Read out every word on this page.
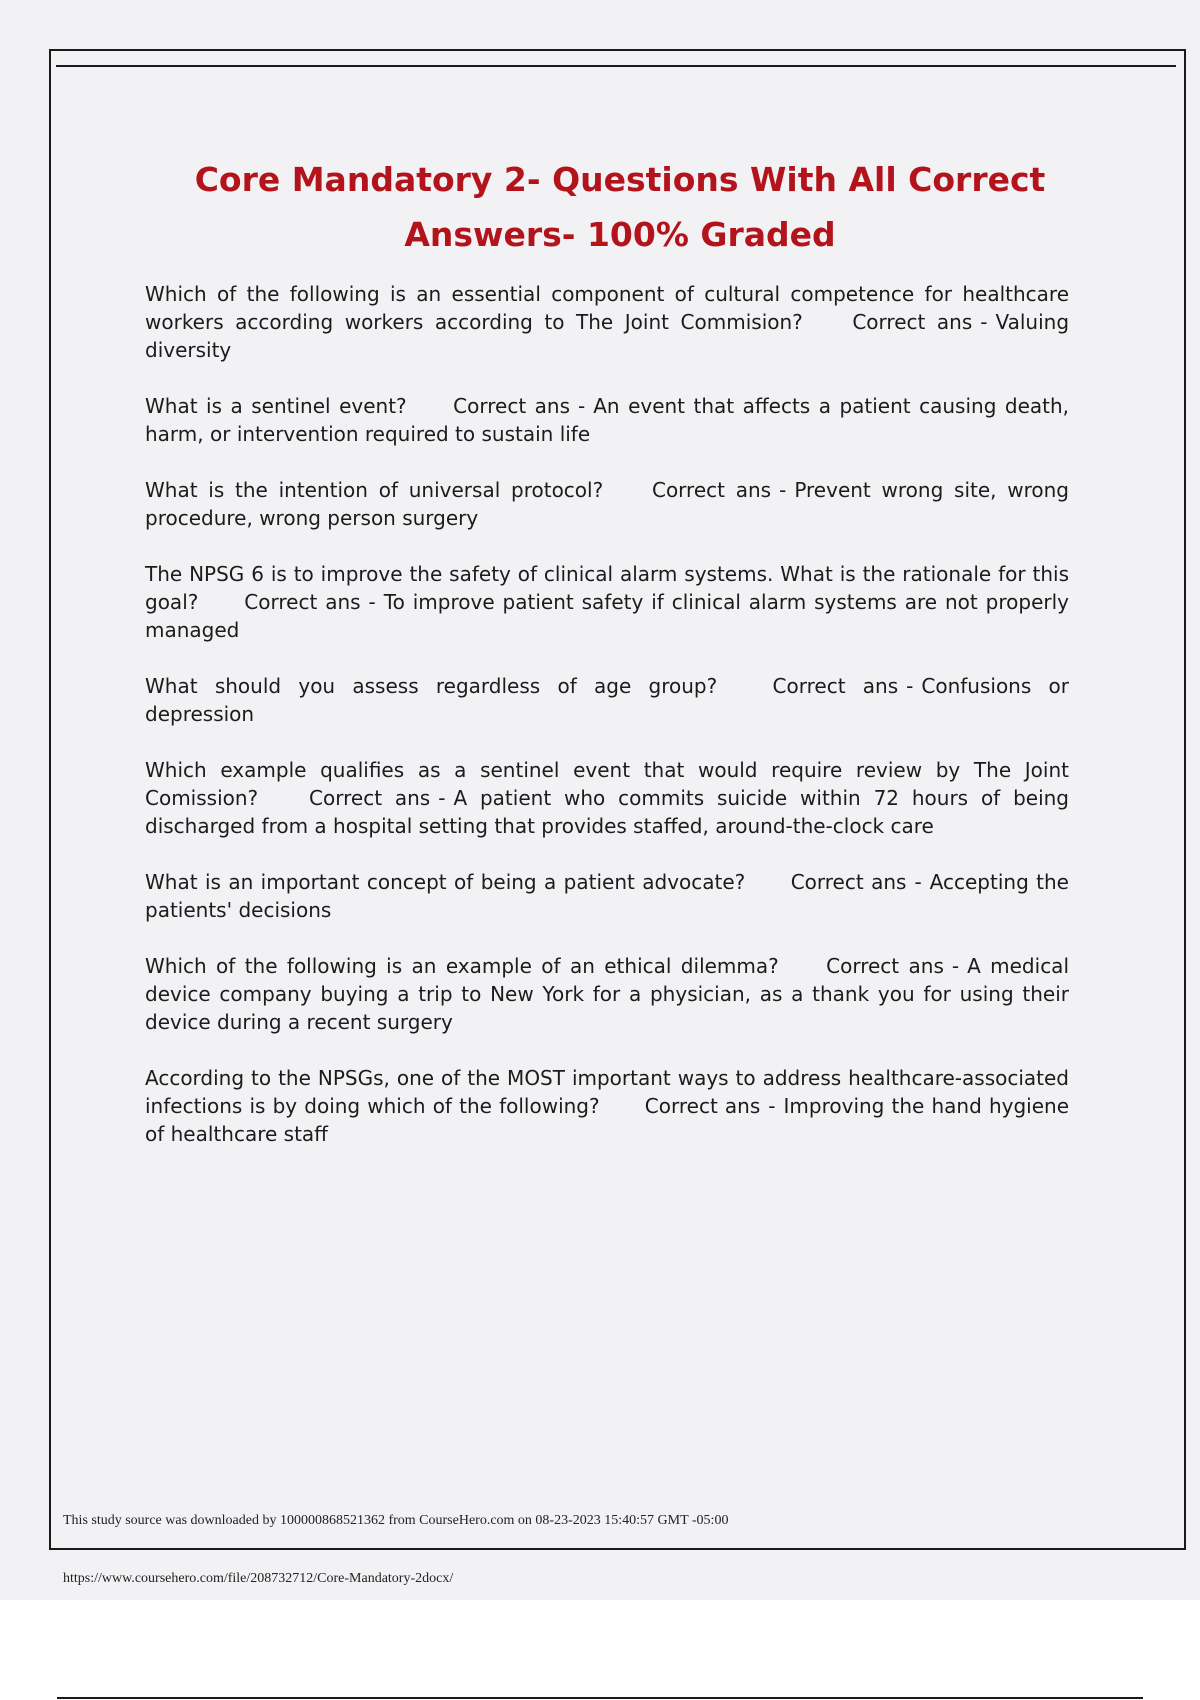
Core Mandatory 2- Questions With All Correct Answers- 100% Graded
Which of the following is an essential component of cultural competence for healthcare workers according workers according to The Joint Commision? Correct ans - Valuing diversity
What is a sentinel event? Correct ans - An event that affects a patient causing death, harm, or intervention required to sustain life
What is the intention of universal protocol? Correct ans - Prevent wrong site, wrong procedure, wrong person surgery
The NPSG 6 is to improve the safety of clinical alarm systems. What is the rationale for this goal? Correct ans - To improve patient safety if clinical alarm systems are not properly managed
What should you assess regardless of age group?	Correct ans - Confusions or depression
Which example qualifies as a sentinel event that would require review by The Joint Comission?	Correct ans - A patient who commits suicide within 72 hours of being discharged from a hospital setting that provides staffed, around-the-clock care
What is an important concept of being a patient advocate? Correct ans - Accepting the patients' decisions
Which of the following is an example of an ethical dilemma? Correct ans - A medical device company buying a trip to New York for a physician, as a thank you for using their device during a recent surgery
According to the NPSGs, one of the MOST important ways to address healthcare-associated infections is by doing which of the following? Correct ans - Improving the hand hygiene of healthcare staff
This study source was downloaded by 100000868521362 from CourseHero.com on 08-23-2023 15:40:57 GMT -05:00
https://www.coursehero.com/file/208732712/Core-Mandatory-2docx/
